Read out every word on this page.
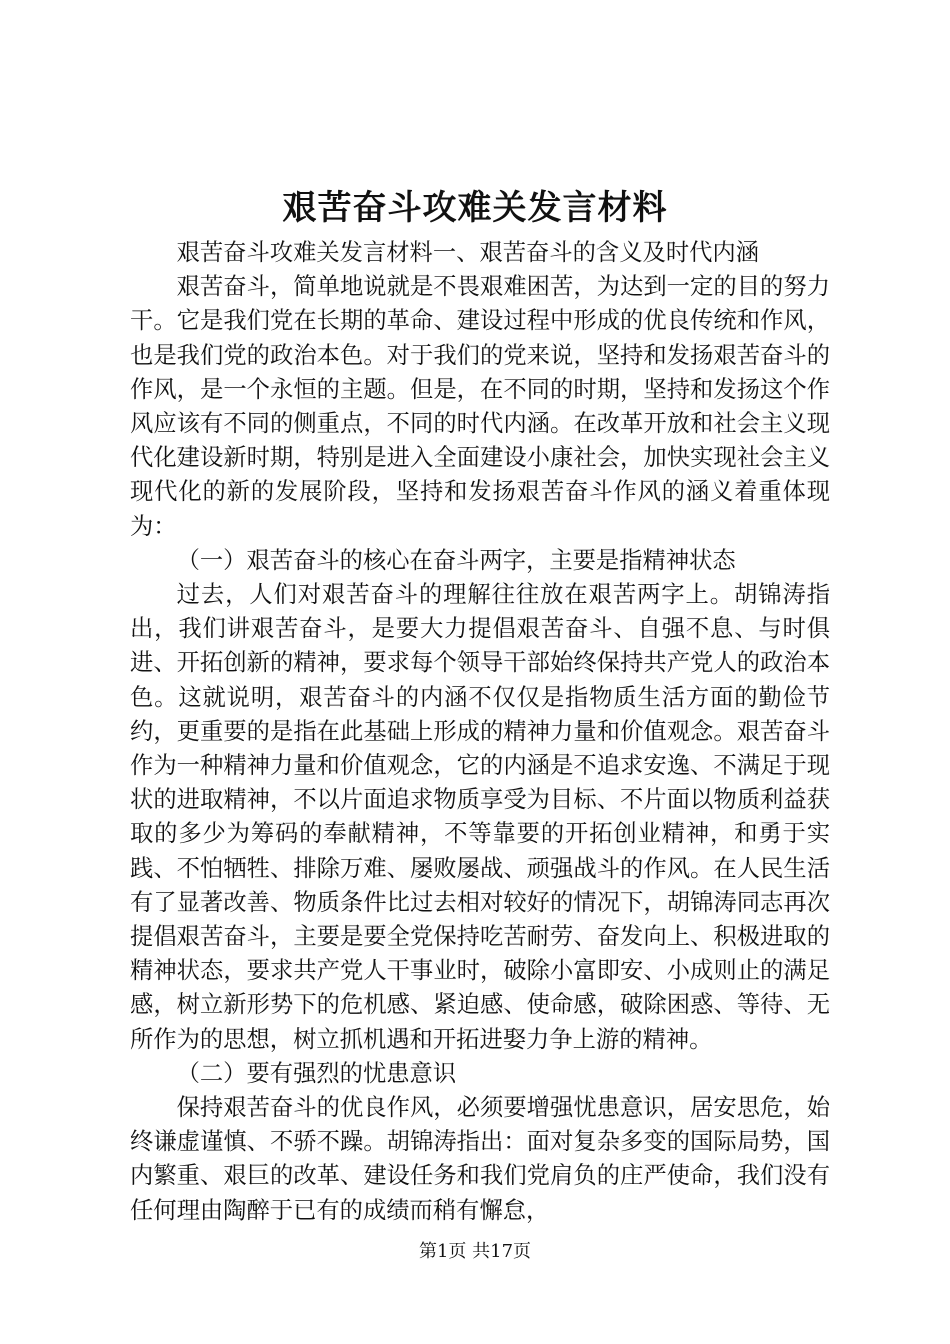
艰苦奋斗攻难关发言材料

艰苦奋斗攻难关发言材料一、艰苦奋斗的含义及时代内涵

艰苦奋斗，简单地说就是不畏艰难困苦，为达到一定的目的努力干。它是我们党在长期的革命、建设过程中形成的优良传统和作风，也是我们党的政治本色。对于我们的党来说，坚持和发扬艰苦奋斗的作风，是一个永恒的主题。但是，在不同的时期，坚持和发扬这个作风应该有不同的侧重点，不同的时代内涵。在改革开放和社会主义现代化建设新时期，特别是进入全面建设小康社会，加快实现社会主义现代化的新的发展阶段，坚持和发扬艰苦奋斗作风的涵义着重体现为：

（一）艰苦奋斗的核心在奋斗两字，主要是指精神状态

过去，人们对艰苦奋斗的理解往往放在艰苦两字上。胡锦涛指出，我们讲艰苦奋斗，是要大力提倡艰苦奋斗、自强不息、与时俱进、开拓创新的精神，要求每个领导干部始终保持共产党人的政治本色。这就说明，艰苦奋斗的内涵不仅仅是指物质生活方面的勤俭节约，更重要的是指在此基础上形成的精神力量和价值观念。艰苦奋斗作为一种精神力量和价值观念，它的内涵是不追求安逸、不满足于现状的进取精神，不以片面追求物质享受为目标、不片面以物质利益获取的多少为筹码的奉献精神，不等靠要的开拓创业精神，和勇于实践、不怕牺牲、排除万难、屡败屡战、顽强战斗的作风。在人民生活有了显著改善、物质条件比过去相对较好的情况下，胡锦涛同志再次提倡艰苦奋斗，主要是要全党保持吃苦耐劳、奋发向上、积极进取的精神状态，要求共产党人干事业时，破除小富即安、小成则止的满足感，树立新形势下的危机感、紧迫感、使命感，破除困惑、等待、无所作为的思想，树立抓机遇和开拓进娶力争上游的精神。

（二）要有强烈的忧患意识

保持艰苦奋斗的优良作风，必须要增强忧患意识，居安思危，始终谦虚谨慎、不骄不躁。胡锦涛指出：面对复杂多变的国际局势，国内繁重、艰巨的改革、建设任务和我们党肩负的庄严使命，我们没有任何理由陶醉于已有的成绩而稍有懈怠，

第1页 共17页
